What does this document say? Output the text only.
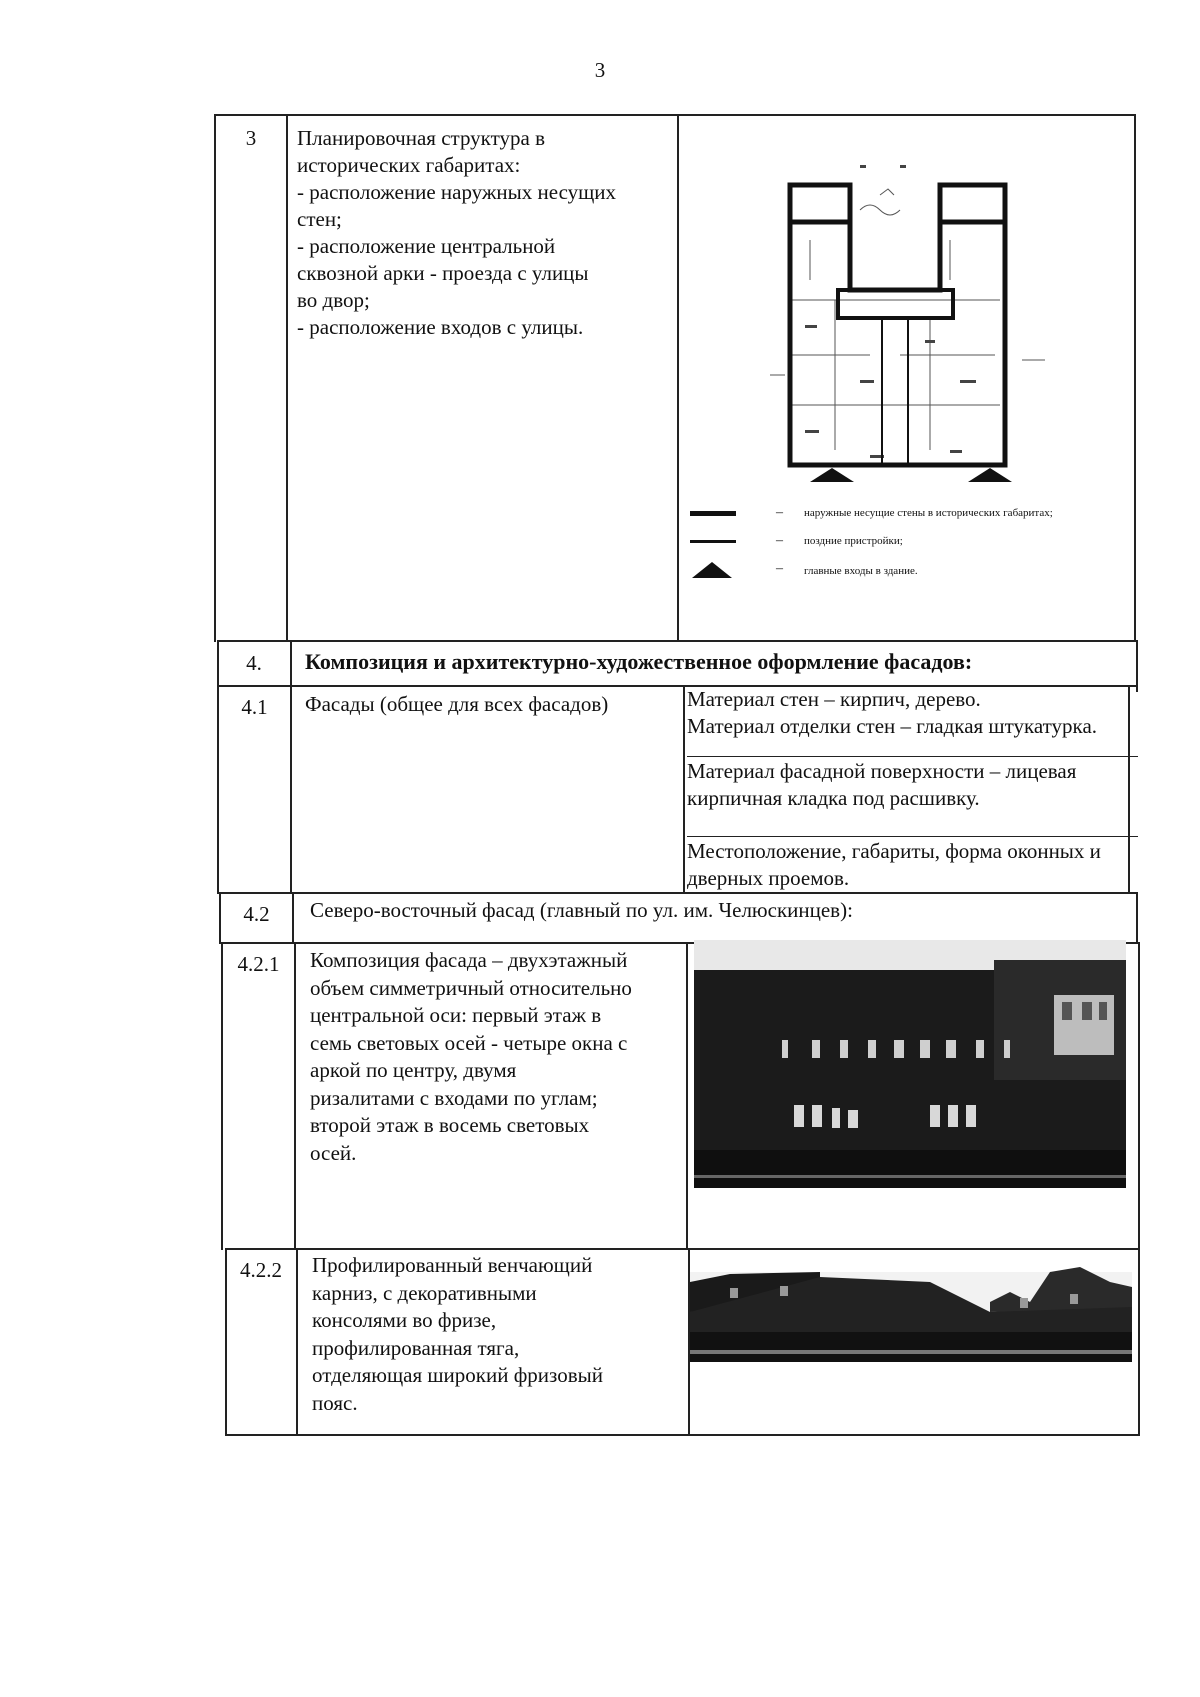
3
3	Планировочная структура в
исторических габаритах:
- расположение наружных несущих
стен;
- расположение центральной
сквозной арки - проезда с улицы
во двор;
- расположение входов с улицы.
– наружные несущие стены в исторических габаритах;
– поздние пристройки;
– главные входы в здание.
4.	Композиция и архитектурно-художественное оформление фасадов:
4.1	Фасады (общее для всех фасадов)	Материал стен – кирпич, дерево.
Материал отделки стен – гладкая штукатурка.
Материал фасадной поверхности – лицевая
кирпичная кладка под расшивку.
Местоположение, габариты, форма оконных и
дверных проемов.
4.2	Северо-восточный фасад (главный по ул. им. Челюскинцев):
4.2.1	Композиция фасада – двухэтажный
объем симметричный относительно
центральной оси: первый этаж в
семь световых осей - четыре окна с
аркой по центру, двумя
ризалитами с входами по углам;
второй этаж в восемь световых
осей.
4.2.2	Профилированный венчающий
карниз, с декоративными
консолями во фризе,
профилированная тяга,
отделяющая широкий фризовый
пояс.
